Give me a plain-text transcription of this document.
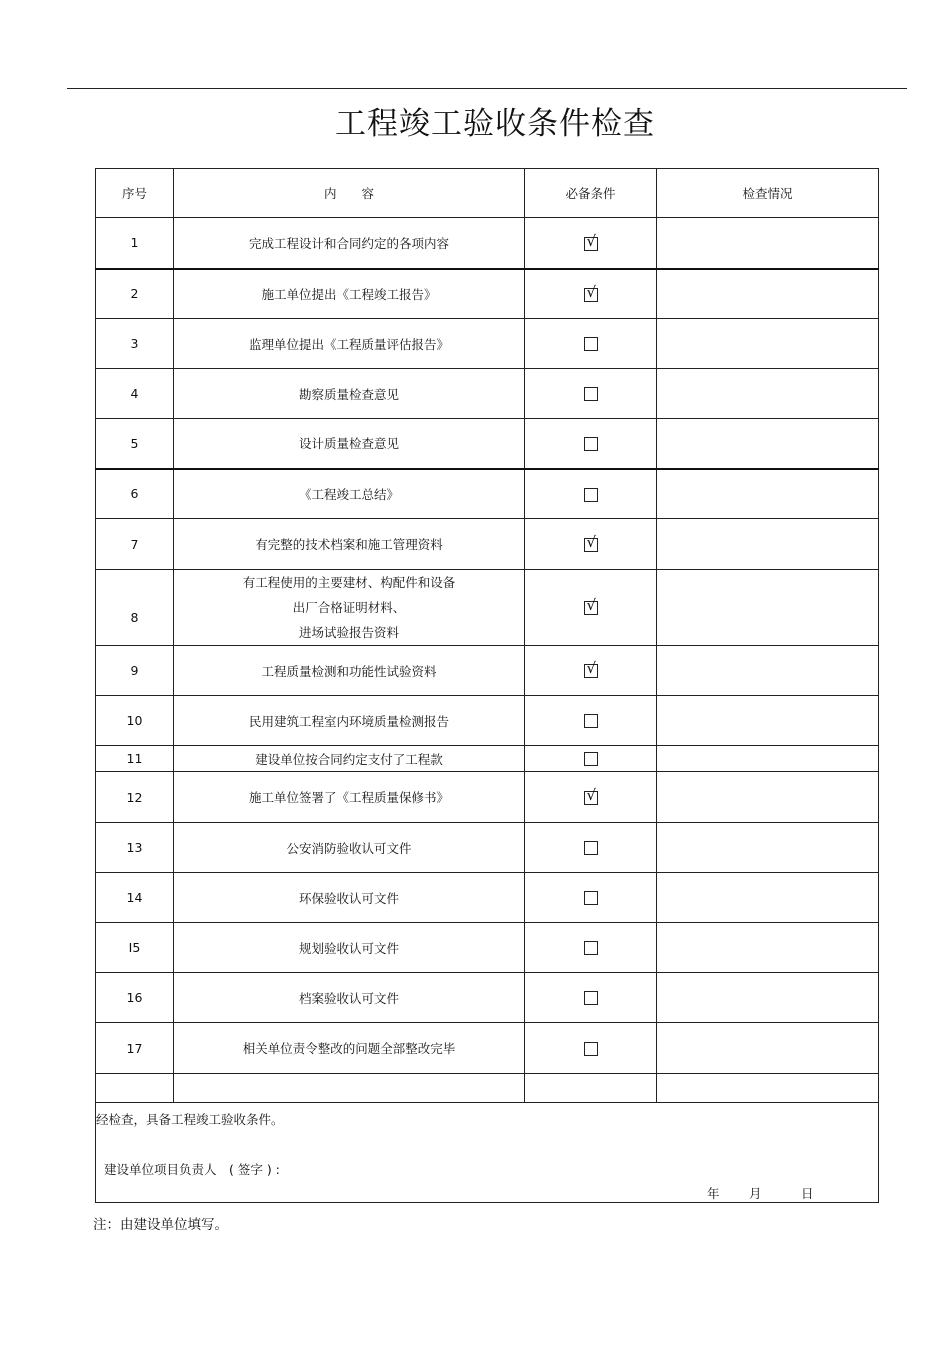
工程竣工验收条件检查
序号	内　　容	必备条件	检查情况
1	完成工程设计和合同约定的各项内容	√	

2	施工单位提出《工程竣工报告》	√	

3	监理单位提出《工程质量评估报告》		

4	勘察质量检查意见		

5	设计质量检查意见		

6	《工程竣工总结》		

7	有完整的技术档案和施工管理资料	√	

8	有工程使用的主要建材、构配件和设备
出厂合格证明材料、
进场试验报告资料	√	

9	工程质量检测和功能性试验资料	√	

10	民用建筑工程室内环境质量检测报告		

11	建设单位按合同约定支付了工程款		

12	施工单位签署了《工程质量保修书》	√	

13	公安消防验收认可文件		

14	环保验收认可文件		

I5	规划验收认可文件		

16	档案验收认可文件		

17	相关单位责令整改的问题全部整改完毕		

经检查，具备工程竣工验收条件。
建设单位项目负责人　( 签字 ) :
年 月 日			
注：由建设单位填写。
